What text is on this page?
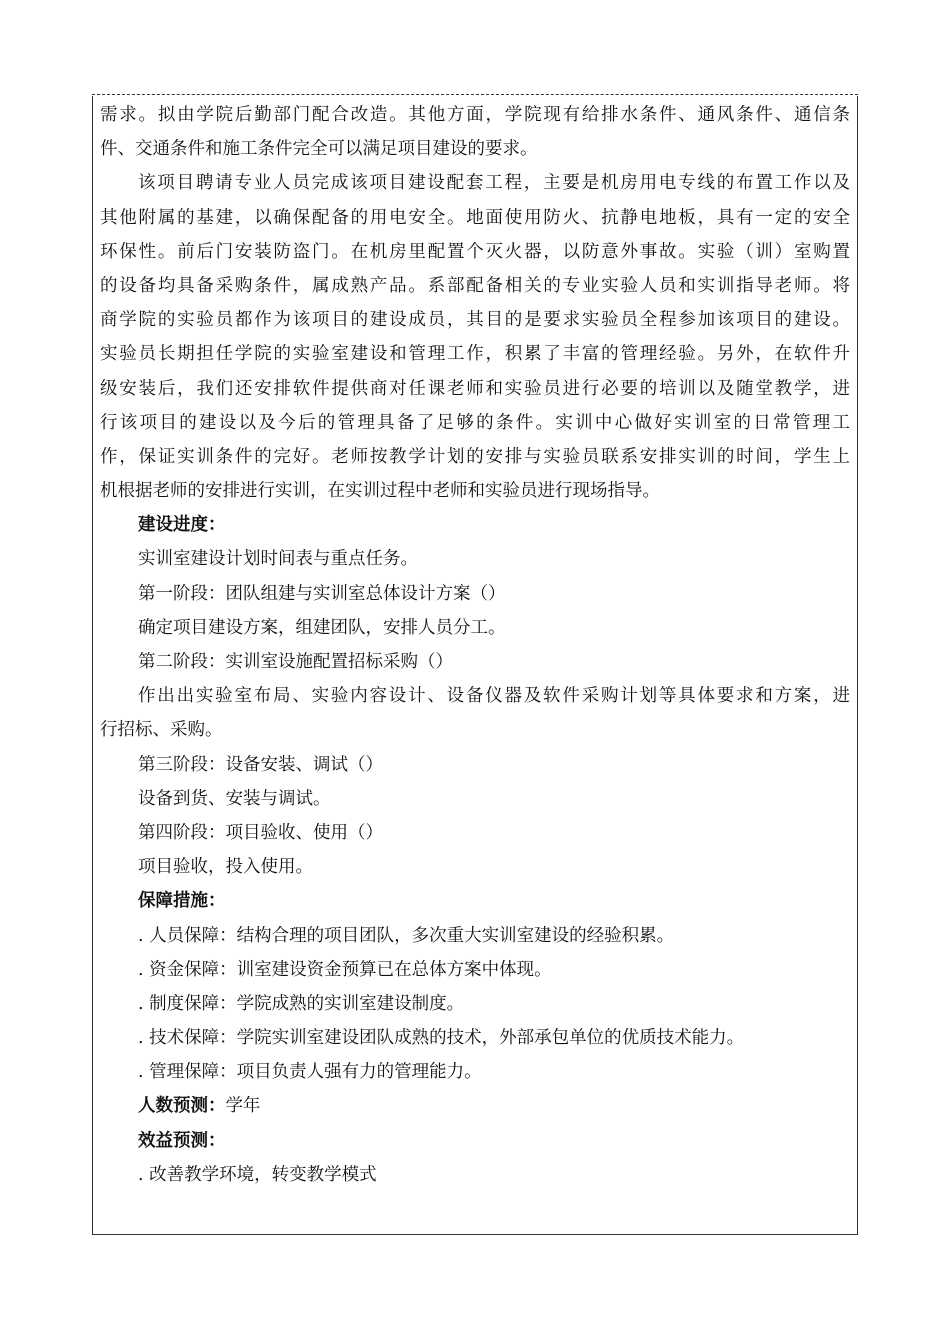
需求。拟由学院后勤部门配合改造。其他方面，学院现有给排水条件、通风条件、通信条
件、交通条件和施工条件完全可以满足项目建设的要求。
该项目聘请专业人员完成该项目建设配套工程，主要是机房用电专线的布置工作以及
其他附属的基建，以确保配备的用电安全。地面使用防火、抗静电地板，具有一定的安全
环保性。前后门安装防盗门。在机房里配置个灭火器，以防意外事故。实验（训）室购置
的设备均具备采购条件，属成熟产品。系部配备相关的专业实验人员和实训指导老师。将
商学院的实验员都作为该项目的建设成员，其目的是要求实验员全程参加该项目的建设。
实验员长期担任学院的实验室建设和管理工作，积累了丰富的管理经验。另外，在软件升
级安装后，我们还安排软件提供商对任课老师和实验员进行必要的培训以及随堂教学，进
行该项目的建设以及今后的管理具备了足够的条件。实训中心做好实训室的日常管理工
作，保证实训条件的完好。老师按教学计划的安排与实验员联系安排实训的时间，学生上
机根据老师的安排进行实训，在实训过程中老师和实验员进行现场指导。
建设进度：
实训室建设计划时间表与重点任务。
第一阶段：团队组建与实训室总体设计方案（）
确定项目建设方案，组建团队，安排人员分工。
第二阶段：实训室设施配置招标采购（）
作出出实验室布局、实验内容设计、设备仪器及软件采购计划等具体要求和方案，进
行招标、采购。
第三阶段：设备安装、调试（）
设备到货、安装与调试。
第四阶段：项目验收、使用（）
项目验收，投入使用。
保障措施：
. 人员保障：结构合理的项目团队，多次重大实训室建设的经验积累。
. 资金保障：训室建设资金预算已在总体方案中体现。
. 制度保障：学院成熟的实训室建设制度。
. 技术保障：学院实训室建设团队成熟的技术，外部承包单位的优质技术能力。
. 管理保障：项目负责人强有力的管理能力。
人数预测：学年
效益预测：
. 改善教学环境，转变教学模式
